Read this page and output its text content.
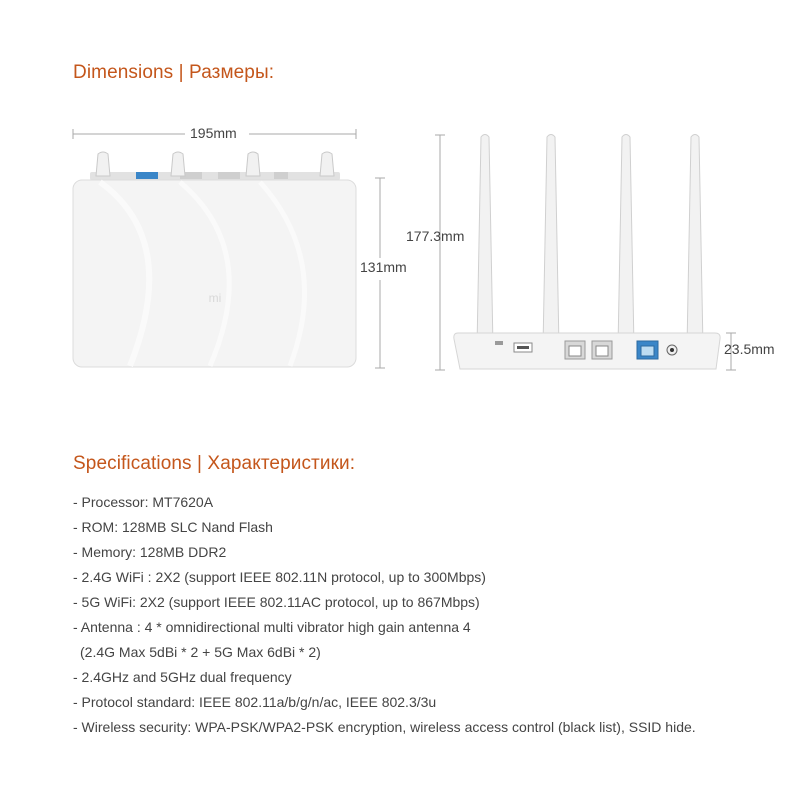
Dimensions | Размеры:
mi
195mm
131mm
177.3mm
23.5mm
Specifications | Характеристики:
- Processor: MT7620A
- ROM: 128MB SLC Nand Flash
- Memory: 128MB DDR2
- 2.4G WiFi : 2X2 (support IEEE 802.11N protocol, up to 300Mbps)
- 5G WiFi: 2X2 (support IEEE 802.11AC protocol, up to 867Mbps)
- Antenna : 4 * omnidirectional multi vibrator high gain antenna 4
(2.4G Max 5dBi * 2 + 5G Max 6dBi * 2)
- 2.4GHz and 5GHz dual frequency
- Protocol standard: IEEE 802.11a/b/g/n/ac, IEEE 802.3/3u
- Wireless security: WPA-PSK/WPA2-PSK encryption, wireless access control (black list), SSID hide.
